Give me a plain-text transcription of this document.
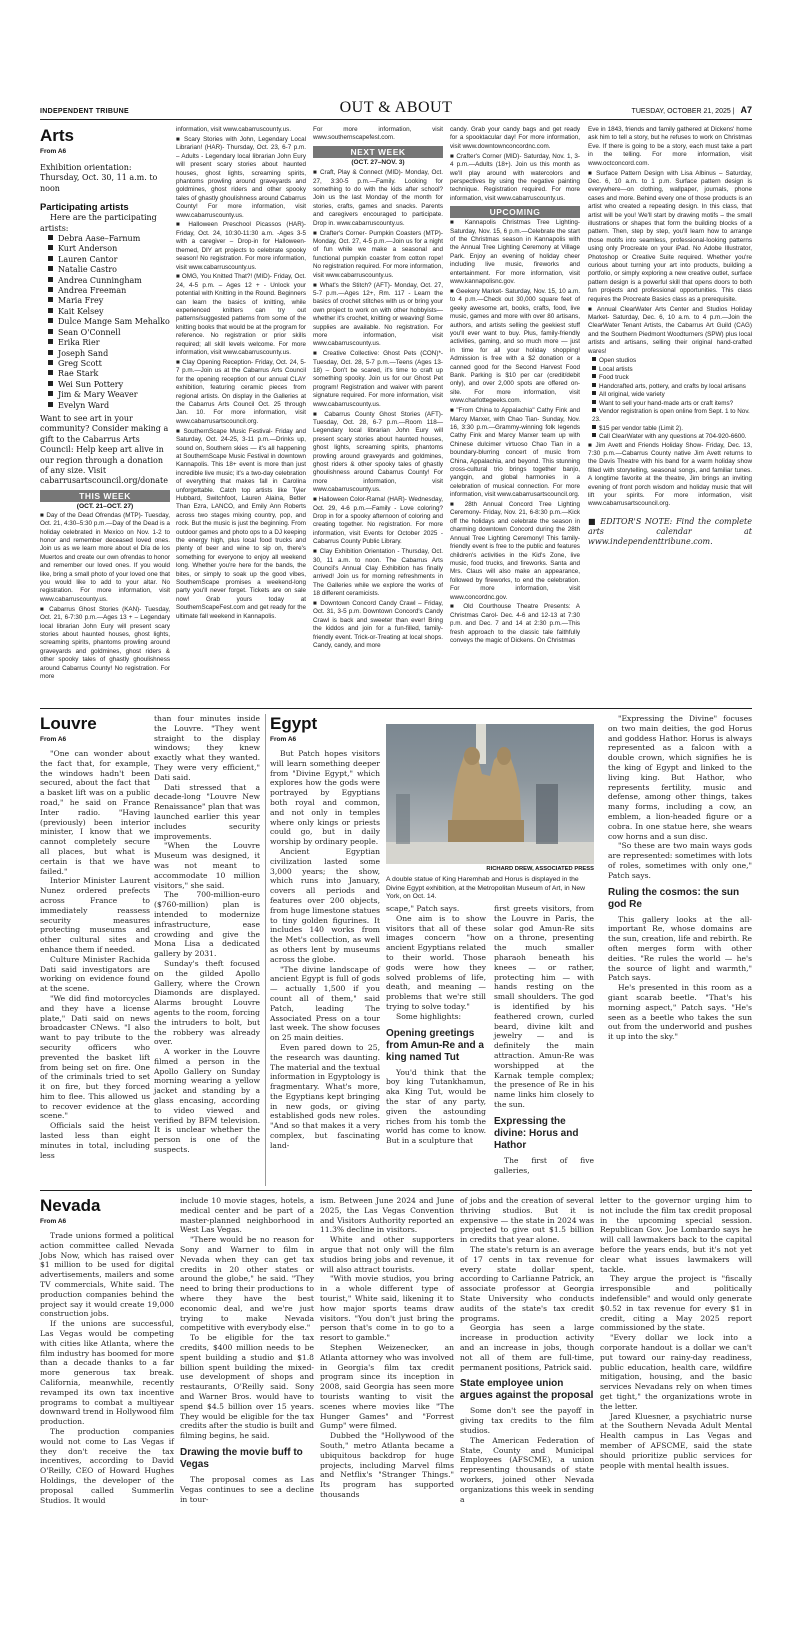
INDEPENDENT TRIBUNE	OUT & ABOUT	TUESDAY, OCTOBER 21, 2025 | A7
Arts
From A6
Exhibition orientation: Thursday, Oct. 30, 11 a.m. to noon
Participating artists
Here are the participating artists:
Debra Aase–Farnum
Kurt Anderson
Lauren Cantor
Natalie Castro
Andrea Cunningham
Andrea Freeman
Maria Frey
Kait Kelsey
Dulce Mange Sam Mehalko
Sean O'Connell
Erika Rier
Joseph Sand
Greg Scott
Rae Stark
Wei Sun Pottery
Jim & Mary Weaver
Evelyn Ward
Want to see art in your community? Consider making a gift to the Cabarrus Arts Council: Help keep art alive in our region through a donation of any size. Visit cabarrusartscouncil.org/donate
THIS WEEK
(OCT. 21–OCT. 27)

■ Day of the Dead Ofrendas (MTP)- Tuesday, Oct. 21, 4:30–5:30 p.m.—Day of the Dead is a holiday celebrated in Mexico on Nov. 1-2 to honor and remember deceased loved ones. Join us as we learn more about el Día de los Muertos and create our own ofrendas to honor and remember our loved ones. If you would like, bring a small photo of your loved one that you would like to add to your altar. No registration. For more information, visit www.cabarruscounty.us.

■ Cabarrus Ghost Stories (KAN)- Tuesday, Oct. 21, 6-7:30 p.m.—Ages 13 + – Legendary local librarian John Eury will present scary stories about haunted houses, ghost lights, screaming spirits, phantoms prowling around graveyards and goldmines, ghost riders & other spooky tales of ghastly ghoulishness around Cabarrus County! No registration. For more

information, visit www.cabarruscounty.us.

■ Scary Stories with John, Legendary Local Librarian! (HAR)- Thursday, Oct. 23, 6-7 p.m. – Adults - Legendary local librarian John Eury will present scary stories about haunted houses, ghost lights, screaming spirits, phantoms prowling around graveyards and goldmines, ghost riders and other spooky tales of ghastly ghoulishness around Cabarrus County! For more information, visit www.cabarruscounty.us.

■ Halloween Preschool Picassos (HAR)- Friday, Oct. 24, 10:30-11:30 a.m. -Ages 3-5 with a caregiver – Drop-in for Halloween-themed, DIY art projects to celebrate spooky season! No registration. For more information, visit www.cabarruscounty.us.

■ OMG, You Knitted That?! (MID)- Friday, Oct. 24, 4-5 p.m. – Ages 12 + - Unlock your potential with Knitting in the Round. Beginners can learn the basics of knitting, while experienced knitters can try out patterns/suggested patterns from some of the knitting books that would be at the program for reference. No registration or prior skills required; all skill levels welcome. For more information, visit www.cabarruscounty.us.

■ Clay Opening Reception- Friday, Oct. 24, 5-7 p.m.—Join us at the Cabarrus Arts Council for the opening reception of our annual CLAY exhibition, featuring ceramic pieces from regional artists. On display in the Galleries at the Cabarrus Arts Council Oct. 25 through Jan. 10. For more information, visit www.cabarrusartscouncil.org.

■ SouthernScape Music Festival- Friday and Saturday, Oct. 24-25, 3-11 p.m.—Drinks up, sound on, Southern skies — it's all happening at SouthernScape Music Festival in downtown Kannapolis. This 18+ event is more than just incredible live music; it's a two-day celebration of everything that makes fall in Carolina unforgettable. Catch top artists like Tyler Hubbard, Switchfoot, Lauren Alaina, Better Than Ezra, LANCO, and Emily Ann Roberts across two stages mixing country, pop, and rock. But the music is just the beginning. From outdoor games and photo ops to a DJ keeping the energy high, plus local food trucks and plenty of beer and wine to sip on, there's something for everyone to enjoy all weekend long. Whether you're here for the bands, the bites, or simply to soak up the good vibes, SouthernScape promises a weekend-long party you'll never forget. Tickets are on sale now! Grab yours today at SouthernScapeFest.com and get ready for the ultimate fall weekend in Kannapolis.

For more information, visit www.southernscapefest.com.

NEXT WEEK
(OCT. 27–NOV. 3)

■ Craft, Play & Connect (MID)- Monday, Oct. 27, 3:30-5 p.m.—Family. Looking for something to do with the kids after school? Join us the last Monday of the month for stories, crafts, games and snacks. Parents and caregivers encouraged to participate. Drop in. www.cabarruscounty.us.

■ Crafter's Corner- Pumpkin Coasters (MTP)- Monday, Oct. 27, 4-5 p.m.—Join us for a night of fun while we make a seasonal and functional pumpkin coaster from cotton rope! No registration required. For more information, visit www.cabarruscounty.us.

■ What's the Stitch? (AFT)- Monday, Oct. 27, 5-7 p.m.—Ages 12+, Rm. 117 - Learn the basics of crochet stitches with us or bring your own project to work on with other hobbyists—whether it's crochet, knitting or weaving! Some supplies are available. No registration. For more information, visit www.cabarruscounty.us.

■ Creative Collective: Ghost Pets (CON)*- Tuesday, Oct. 28, 5-7 p.m.—Teens (Ages 13-18) – Don't be scared, it's time to craft up something spooky. Join us for our Ghost Pet program! Registration and waiver with parent signature required. For more information, visit www.cabarruscounty.us.

■ Cabarrus County Ghost Stories (AFT)- Tuesday, Oct. 28, 6-7 p.m.—Room 118—Legendary local librarian John Eury will present scary stories about haunted houses, ghost lights, screaming spirits, phantoms prowling around graveyards and goldmines, ghost riders & other spooky tales of ghastly ghoulishness around Cabarrus County! For more information, visit www.cabarruscounty.us.

■ Halloween Color-Rama! (HAR)- Wednesday, Oct. 29, 4-6 p.m.—Family - Love coloring? Drop in for a spooky afternoon of coloring and creating together. No registration. For more information, visit Events for October 2025 - Cabarrus County Public Library.

■ Clay Exhibition Orientation - Thursday, Oct. 30, 11 a.m. to noon. The Cabarrus Arts Council's Annual Clay Exhibition has finally arrived! Join us for morning refreshments in The Galleries while we explore the works of 18 different ceramicists.

■ Downtown Concord Candy Crawl – Friday, Oct. 31, 3-5 p.m. Downtown Concord's Candy Crawl is back and sweeter than ever! Bring the kiddos and join for a fun-filled, family-friendly event. Trick-or-Treating at local shops. Candy, candy, and more

candy. Grab your candy bags and get ready for a spooktacular day! For more information, visit www.downtownconcordnc.com.

■ Crafter's Corner (MID)- Saturday, Nov. 1, 3-4 p.m.—Adults (18+). Join us this month as we'll play around with watercolors and perspectives by using the negative painting technique. Registration required. For more information, visit www.cabarruscounty.us.

UPCOMING

■ Kannapolis Christmas Tree Lighting- Saturday, Nov. 15, 6 p.m.—Celebrate the start of the Christmas season in Kannapolis with the Annual Tree Lighting Ceremony at Village Park. Enjoy an evening of holiday cheer including live music, fireworks and entertainment. For more information, visit www.kannapolisnc.gov.

■ Geekery Market- Saturday, Nov. 15, 10 a.m. to 4 p.m.—Check out 30,000 square feet of geeky awesome art, books, crafts, food, live music, games and more with over 80 artisans, authors, and artists selling the geekiest stuff you'll ever want to buy. Plus, family-friendly activities, gaming, and so much more — just in time for all your holiday shopping! Admission is free with a $2 donation or a canned good for the Second Harvest Food Bank. Parking is $10 per car (credit/debit only), and over 2,000 spots are offered on-site. For more information, visit www.charlottegeeks.com.

■ "From China to Appalachia" Cathy Fink and Marcy Marxer, with Chao Tian- Sunday, Nov. 16, 3:30 p.m.—Grammy-winning folk legends Cathy Fink and Marcy Marxer team up with Chinese dulcimer virtuoso Chao Tian in a boundary-blurring concert of music from China, Appalachia, and beyond. This stunning cross-cultural trio brings together banjo, yangqin, and global harmonies in a celebration of musical connection. For more information, visit www.cabarrusartscouncil.org.

■ 28th Annual Concord Tree Lighting Ceremony- Friday, Nov. 21, 6-8:30 p.m.—Kick off the holidays and celebrate the season in charming downtown Concord during the 28th Annual Tree Lighting Ceremony! This family-friendly event is free to the public and features children's activities in the Kid's Zone, live music, food trucks, and fireworks. Santa and Mrs. Claus will also make an appearance, followed by fireworks, to end the celebration. For more information, visit www.concordnc.gov.

■ Old Courthouse Theatre Presents: A Christmas Carol- Dec. 4-6 and 12-13 at 7:30 p.m. and Dec. 7 and 14 at 2:30 p.m.—This fresh approach to the classic tale faithfully conveys the magic of Dickens. On Christmas

Eve in 1843, friends and family gathered at Dickens' home ask him to tell a story, but he refuses to work on Christmas Eve. If there is going to be a story, each must take a part in the telling. For more information, visit www.octconcord.com.

■ Surface Pattern Design with Lisa Albinus – Saturday, Dec. 6, 10 a.m. to 1 p.m. Surface pattern design is everywhere—on clothing, wallpaper, journals, phone cases and more. Behind every one of those products is an artist who created a repeating design. In this class, that artist will be you! We'll start by drawing motifs – the small illustrations or shapes that form the building blocks of a pattern. Then, step by step, you'll learn how to arrange those motifs into seamless, professional-looking patterns using only Procreate on your iPad. No Adobe Illustrator, Photoshop or Creative Suite required. Whether you're curious about turning your art into products, building a portfolio, or simply exploring a new creative outlet, surface pattern design is a powerful skill that opens doors to both fun projects and professional opportunities. This class requires the Procreate Basics class as a prerequisite.

■ Annual ClearWater Arts Center and Studios Holiday Market- Saturday, Dec. 6, 10 a.m. to 4 p.m.—Join the ClearWater Tenant Artists, the Cabarrus Art Guild (CAG) and the Southern Piedmont Woodturners (SPW) plus local artists and artisans, selling their original hand-crafted wares!

Open studios
Local artists
Food truck
Handcrafted arts, pottery, and crafts by local artisans
All original, wide variety
Want to sell your hand-made arts or craft items?
Vendor registration is open online from Sept. 1 to Nov. 23.
$15 per vendor table (Limit 2).
Call ClearWater with any questions at 704-920-6600.

■ Jim Avett and Friends Holiday Show- Friday, Dec. 13, 7:30 p.m.—Cabarrus County native Jim Avett returns to the Davis Theatre with his band for a warm holiday show filled with storytelling, seasonal songs, and familiar tunes. A longtime favorite at the theatre, Jim brings an inviting evening of front porch wisdom and holiday music that will lift your spirits. For more information, visit www.cabarrusartscouncil.org.

■ EDITOR'S NOTE: Find the complete arts calendar at www.independenttribune.com.

Louvre
From A6

"One can wonder about the fact that, for example, the windows hadn't been secured, about the fact that a basket lift was on a public road," he said on France Inter radio. "Having (previously) been interior minister, I know that we cannot completely secure all places, but what is certain is that we have failed."

Interior Minister Laurent Nunez ordered prefects across France to immediately reassess security measures protecting museums and other cultural sites and enhance them if needed.

Culture Minister Rachida Dati said investigators are working on evidence found at the scene.

"We did find motorcycles and they have a license plate," Dati said on news broadcaster CNews. "I also want to pay tribute to the security officers who prevented the basket lift from being set on fire. One of the criminals tried to set it on fire, but they forced him to flee. This allowed us to recover evidence at the scene."

Officials said the heist lasted less than eight minutes in total, including less

than four minutes inside the Louvre. "They went straight to the display windows; they knew exactly what they wanted. They were very efficient," Dati said.

Dati stressed that a decade-long "Louvre New Renaissance" plan that was launched earlier this year includes security improvements.

"When the Louvre Museum was designed, it was not meant to accommodate 10 million visitors," she said.

The 700-million-euro ($760-million) plan is intended to modernize infrastructure, ease crowding and give the Mona Lisa a dedicated gallery by 2031.

Sunday's theft focused on the gilded Apollo Gallery, where the Crown Diamonds are displayed. Alarms brought Louvre agents to the room, forcing the intruders to bolt, but the robbery was already over.

A worker in the Louvre filmed a person in the Apollo Gallery on Sunday morning wearing a yellow jacket and standing by a glass encasing, according to video viewed and verified by BFM television. It is unclear whether the person is one of the suspects.

Egypt
From A6

But Patch hopes visitors will learn something deeper from "Divine Egypt," which explores how the gods were portrayed by Egyptians both royal and common, and not only in temples where only kings or priests could go, but in daily worship by ordinary people.

Ancient Egyptian civilization lasted some 3,000 years; the show, which runs into January, covers all periods and features over 200 objects, from huge limestone statues to tiny golden figurines. It includes 140 works from the Met's collection, as well as others lent by museums across the globe.

"The divine landscape of ancient Egypt is full of gods — actually 1,500 if you count all of them," said Patch, leading The Associated Press on a tour last week. The show focuses on 25 main deities.

Even pared down to 25, the research was daunting. The material and the textual information in Egyptology is fragmentary. What's more, the Egyptians kept bringing in new gods, or giving established gods new roles. "And so that makes it a very complex, but fascinating land-

RICHARD DREW, ASSOCIATED PRESS
A double statue of King Haremhab and Horus is displayed in the Divine Egypt exhibition, at the Metropolitan Museum of Art, in New York, on Oct. 14.

scape," Patch says.

One aim is to show visitors that all of these images concern "how ancient Egyptians related to their world. Those gods were how they solved problems of life, death, and meaning — problems that we're still trying to solve today."

Some highlights:

Opening greetings from Amun-Re and a king named Tut

You'd think that the boy king Tutankhamun, aka King Tut, would be the star of any party, given the astounding riches from his tomb the world has come to know. But in a sculpture that

first greets visitors, from the Louvre in Paris, the solar god Amun-Re sits on a throne, presenting the much smaller pharaoh beneath his knees — or rather, protecting him — with hands resting on the small shoulders. The god is identified by his feathered crown, curled beard, divine kilt and jewelry — and is definitely the main attraction. Amun-Re was worshipped at the Karnak temple complex; the presence of Re in his name links him closely to the sun.

Expressing the divine: Horus and Hathor

The first of five galleries,

"Expressing the Divine" focuses on two main deities, the god Horus and goddess Hathor. Horus is always represented as a falcon with a double crown, which signifies he is the king of Egypt and linked to the living king. But Hathor, who represents fertility, music and defense, among other things, takes many forms, including a cow, an emblem, a lion-headed figure or a cobra. In one statue here, she wears cow horns and a sun disc.

"So these are two main ways gods are represented: sometimes with lots of roles, sometimes with only one," Patch says.

Ruling the cosmos: the sun god Re

This gallery looks at the all-important Re, whose domains are the sun, creation, life and rebirth. Re often merges form with other deities. "Re rules the world — he's the source of light and warmth," Patch says.

He's presented in this room as a giant scarab beetle. "That's his morning aspect," Patch says. "He's seen as a beetle who takes the sun out from the underworld and pushes it up into the sky."

Nevada
From A6

Trade unions formed a political action committee called Nevada Jobs Now, which has raised over $1 million to be used for digital advertisements, mailers and some TV commercials, White said. The production companies behind the project say it would create 19,000 construction jobs.

If the unions are successful, Las Vegas would be competing with cities like Atlanta, where the film industry has boomed for more than a decade thanks to a far more generous tax break. California, meanwhile, recently revamped its own tax incentive programs to combat a multiyear downward trend in Hollywood film production.

The production companies would not come to Las Vegas if they don't receive the tax incentives, according to David O'Reilly, CEO of Howard Hughes Holdings, the developer of the proposal called Summerlin Studios. It would

include 10 movie stages, hotels, a medical center and be part of a master-planned neighborhood in West Las Vegas.

"There would be no reason for Sony and Warner to film in Nevada when they can get tax credits in 20 other states or around the globe," he said. "They need to bring their productions to where they have the best economic deal, and we're just trying to make Nevada competitive with everybody else."

To be eligible for the tax credits, $400 million needs to be spent building a studio and $1.8 billion spent building the mixed-use development of shops and restaurants, O'Reilly said. Sony and Warner Bros. would have to spend $4.5 billion over 15 years. They would be eligible for the tax credits after the studio is built and filming begins, he said.

Drawing the movie buff to Vegas

The proposal comes as Las Vegas continues to see a decline in tour-

ism. Between June 2024 and June 2025, the Las Vegas Convention and Visitors Authority reported an 11.3% decline in visitors.

White and other supporters argue that not only will the film studios bring jobs and revenue, it will also attract tourists.

"With movie studios, you bring in a whole different type of tourist," White said, likening it to how major sports teams draw visitors. "You don't just bring the person that's come in to go to a resort to gamble."

Stephen Weizenecker, an Atlanta attorney who was involved in Georgia's film tax credit program since its inception in 2008, said Georgia has seen more tourists wanting to visit the scenes where movies like "The Hunger Games" and "Forrest Gump" were filmed.

Dubbed the "Hollywood of the South," metro Atlanta became a ubiquitous backdrop for huge projects, including Marvel films and Netflix's "Stranger Things." Its program has supported thousands

of jobs and the creation of several thriving studios. But it is expensive — the state in 2024 was projected to give out $1.5 billion in credits that year alone.

The state's return is an average of 17 cents in tax revenue for every state dollar spent, according to Carlianne Patrick, an associate professor at Georgia State University who conducts audits of the state's tax credit programs.

Georgia has seen a large increase in production activity and an increase in jobs, though not all of them are full-time, permanent positions, Patrick said.

State employee union argues against the proposal

Some don't see the payoff in giving tax credits to the film studios.

The American Federation of State, County and Municipal Employees (AFSCME), a union representing thousands of state workers, joined other Nevada organizations this week in sending a

letter to the governor urging him to not include the film tax credit proposal in the upcoming special session. Republican Gov. Joe Lombardo says he will call lawmakers back to the capital before the years ends, but it's not yet clear what issues lawmakers will tackle.

They argue the project is "fiscally irresponsible and politically indefensible" and would only generate $0.52 in tax revenue for every $1 in credit, citing a May 2025 report commissioned by the state.

"Every dollar we lock into a corporate handout is a dollar we can't put toward our rainy-day readiness, public education, health care, wildfire mitigation, housing, and the basic services Nevadans rely on when times get tight," the organizations wrote in the letter.

Jared Kluesner, a psychiatric nurse at the Southern Nevada Adult Mental Health campus in Las Vegas and member of AFSCME, said the state should prioritize public services for people with mental health issues.
